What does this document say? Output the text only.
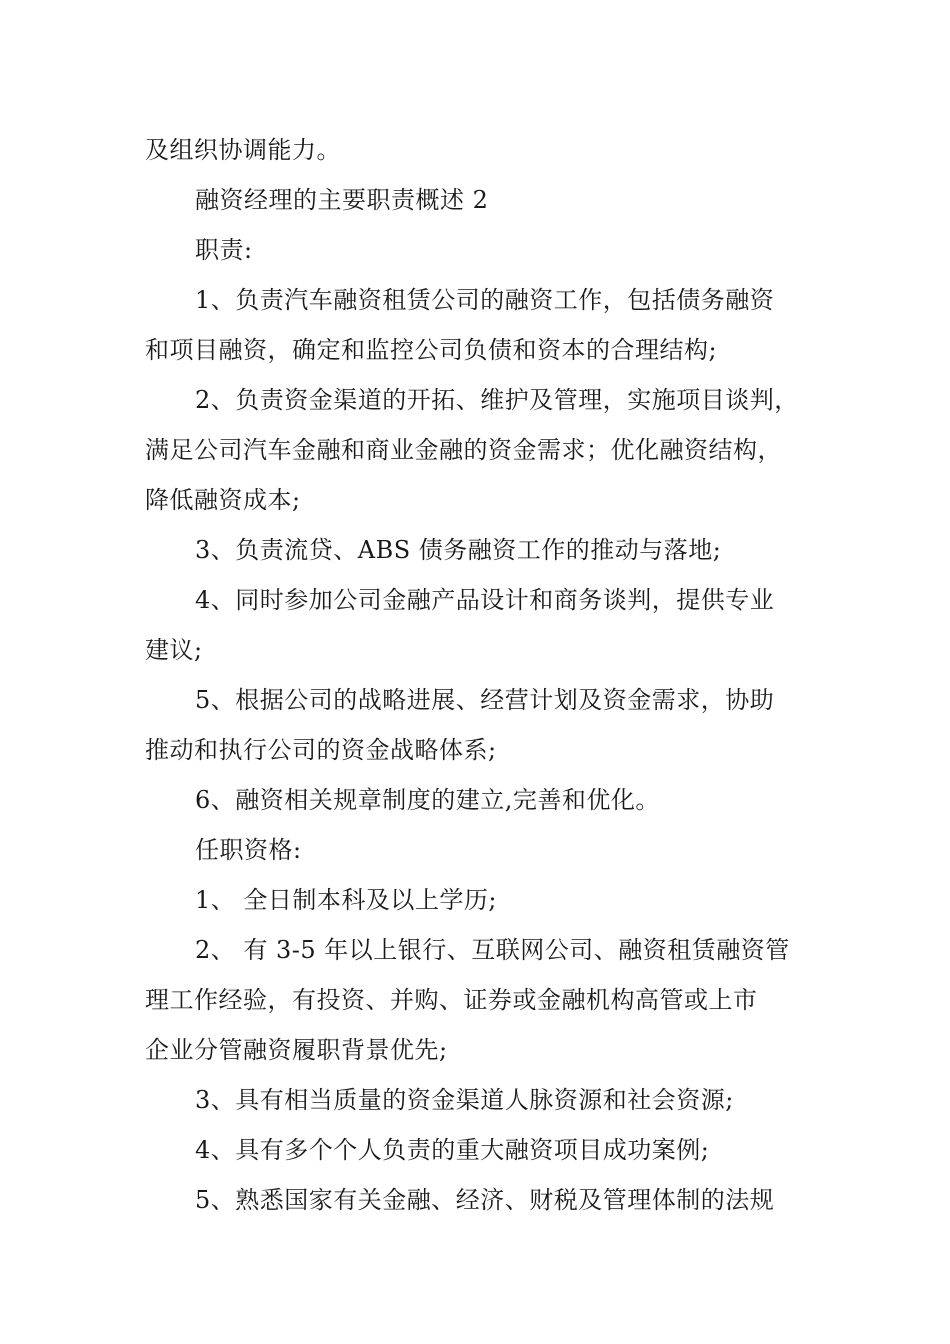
及组织协调能力。
融资经理的主要职责概述 2
职责:
1、负责汽车融资租赁公司的融资工作，包括债务融资
和项目融资，确定和监控公司负债和资本的合理结构;
2、负责资金渠道的开拓、维护及管理，实施项目谈判，
满足公司汽车金融和商业金融的资金需求；优化融资结构，
降低融资成本;
3、负责流贷、ABS 债务融资工作的推动与落地;
4、同时参加公司金融产品设计和商务谈判，提供专业
建议;
5、根据公司的战略进展、经营计划及资金需求，协助
推动和执行公司的资金战略体系;
6、融资相关规章制度的建立,完善和优化。
任职资格:
1、 全日制本科及以上学历;
2、 有 3-5 年以上银行、互联网公司、融资租赁融资管
理工作经验，有投资、并购、证券或金融机构高管或上市
企业分管融资履职背景优先;
3、具有相当质量的资金渠道人脉资源和社会资源;
4、具有多个个人负责的重大融资项目成功案例;
5、熟悉国家有关金融、经济、财税及管理体制的法规
